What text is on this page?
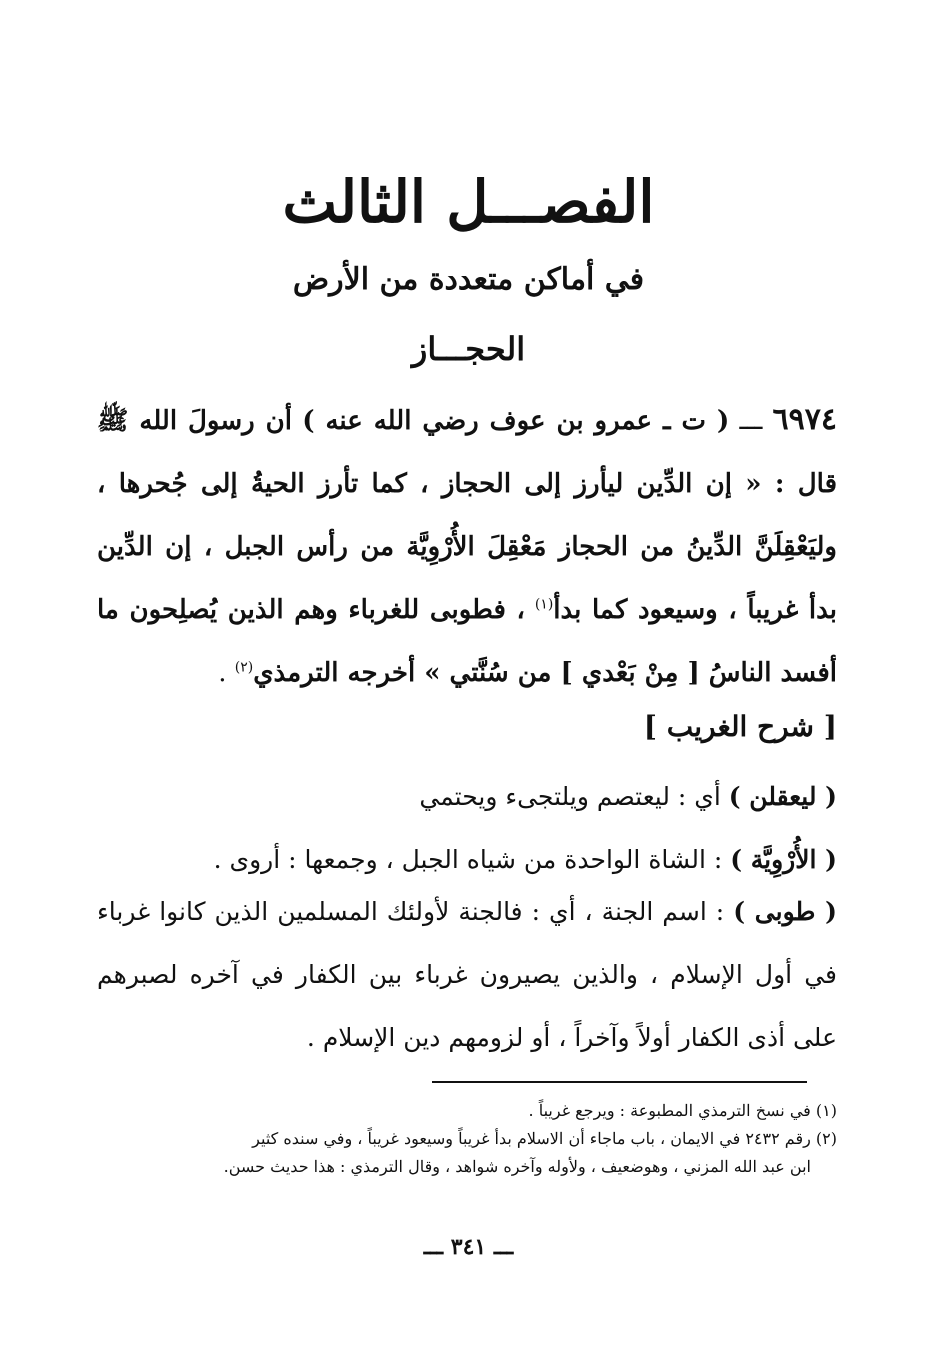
الفصـــل الثالث
في أماكن متعددة من الأرض
الحجـــاز
٦٩٧٤ ـــ ( ت ـ عمرو بن عوف رضي الله عنه ) أن رسولَ الله ﷺ قال : « إن الدِّين ليأرز إلى الحجاز ، كما تأرز الحيةُ إلى جُحرها ، وليَعْقِلَنَّ الدِّينُ من الحجاز مَعْقِلَ الأُرْوِيَّة من رأس الجبل ، إن الدِّين بدأ غريباً ، وسيعود كما بدأ$^{(١)}$ ، فطوبى للغرباء وهم الذين يُصلِحون ما أفسد الناسُ [ مِنْ بَعْدي ] من سُنَّتي » أخرجه الترمذي$^{(٢)}$ .
[ شرح الغريب ]
( ليعقلن ) أي : ليعتصم ويلتجىء ويحتمي
( الأُرْوِيَّة ) : الشاة الواحدة من شياه الجبل ، وجمعها : أروى .
( طوبى ) : اسم الجنة ، أي : فالجنة لأولئك المسلمين الذين كانوا غرباء في أول الإسلام ، والذين يصيرون غرباء بين الكفار في آخره لصبرهم على أذى الكفار أولاً وآخراً ، أو لزومهم دين الإسلام .

(١) في نسخ الترمذي المطبوعة : ويرجع غريباً .

(٢) رقم ٢٤٣٢ في الايمان ، باب ماجاء أن الاسلام بدأ غريباً وسيعود غريباً ، وفي سنده كثير

ابن عبد الله المزني ، وهوضعيف ، ولأوله وآخره شواهد ، وقال الترمذي : هذا حديث حسن.

ـــ ٣٤١ ـــ
